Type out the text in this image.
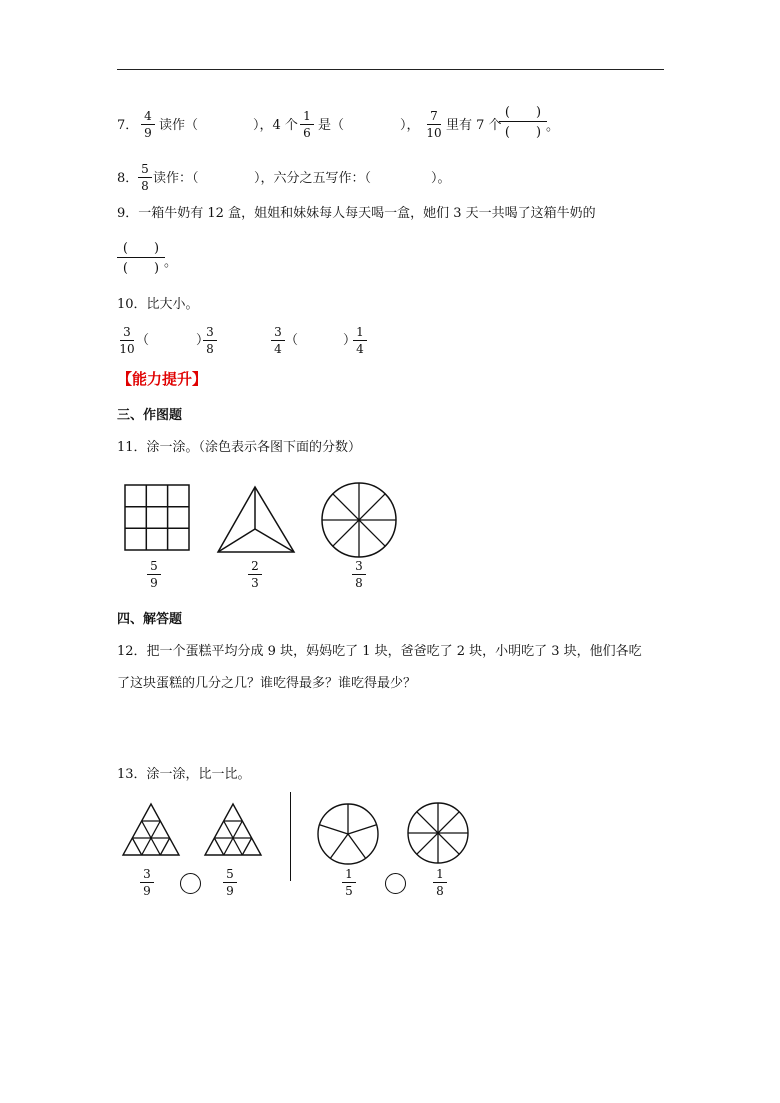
7．
4
9 读作（	），4 个
1
6 是（	），
7
10 里有 7 个
(　　)
(　　) 。
8．
5
8 读作：（	），六分之五写作：（	）。
9．一箱牛奶有 12 盒，姐姐和妹妹每人每天喝一盒，她们 3 天一共喝了这箱牛奶的
(　　)
(　　) 。
10．比大小。
3
10
（	）
3
8
3
4
（	）
1
4
【能力提升】
三、作图题
11．涂一涂。（涂色表示各图下面的分数）
5
9
2
3
3
8
四、解答题
12．把一个蛋糕平均分成 9 块，妈妈吃了 1 块，爸爸吃了 2 块，小明吃了 3 块，他们各吃
了这块蛋糕的几分之几？谁吃得最多？谁吃得最少？
13．涂一涂，比一比。
3
9
5
9
1
5
1
8
